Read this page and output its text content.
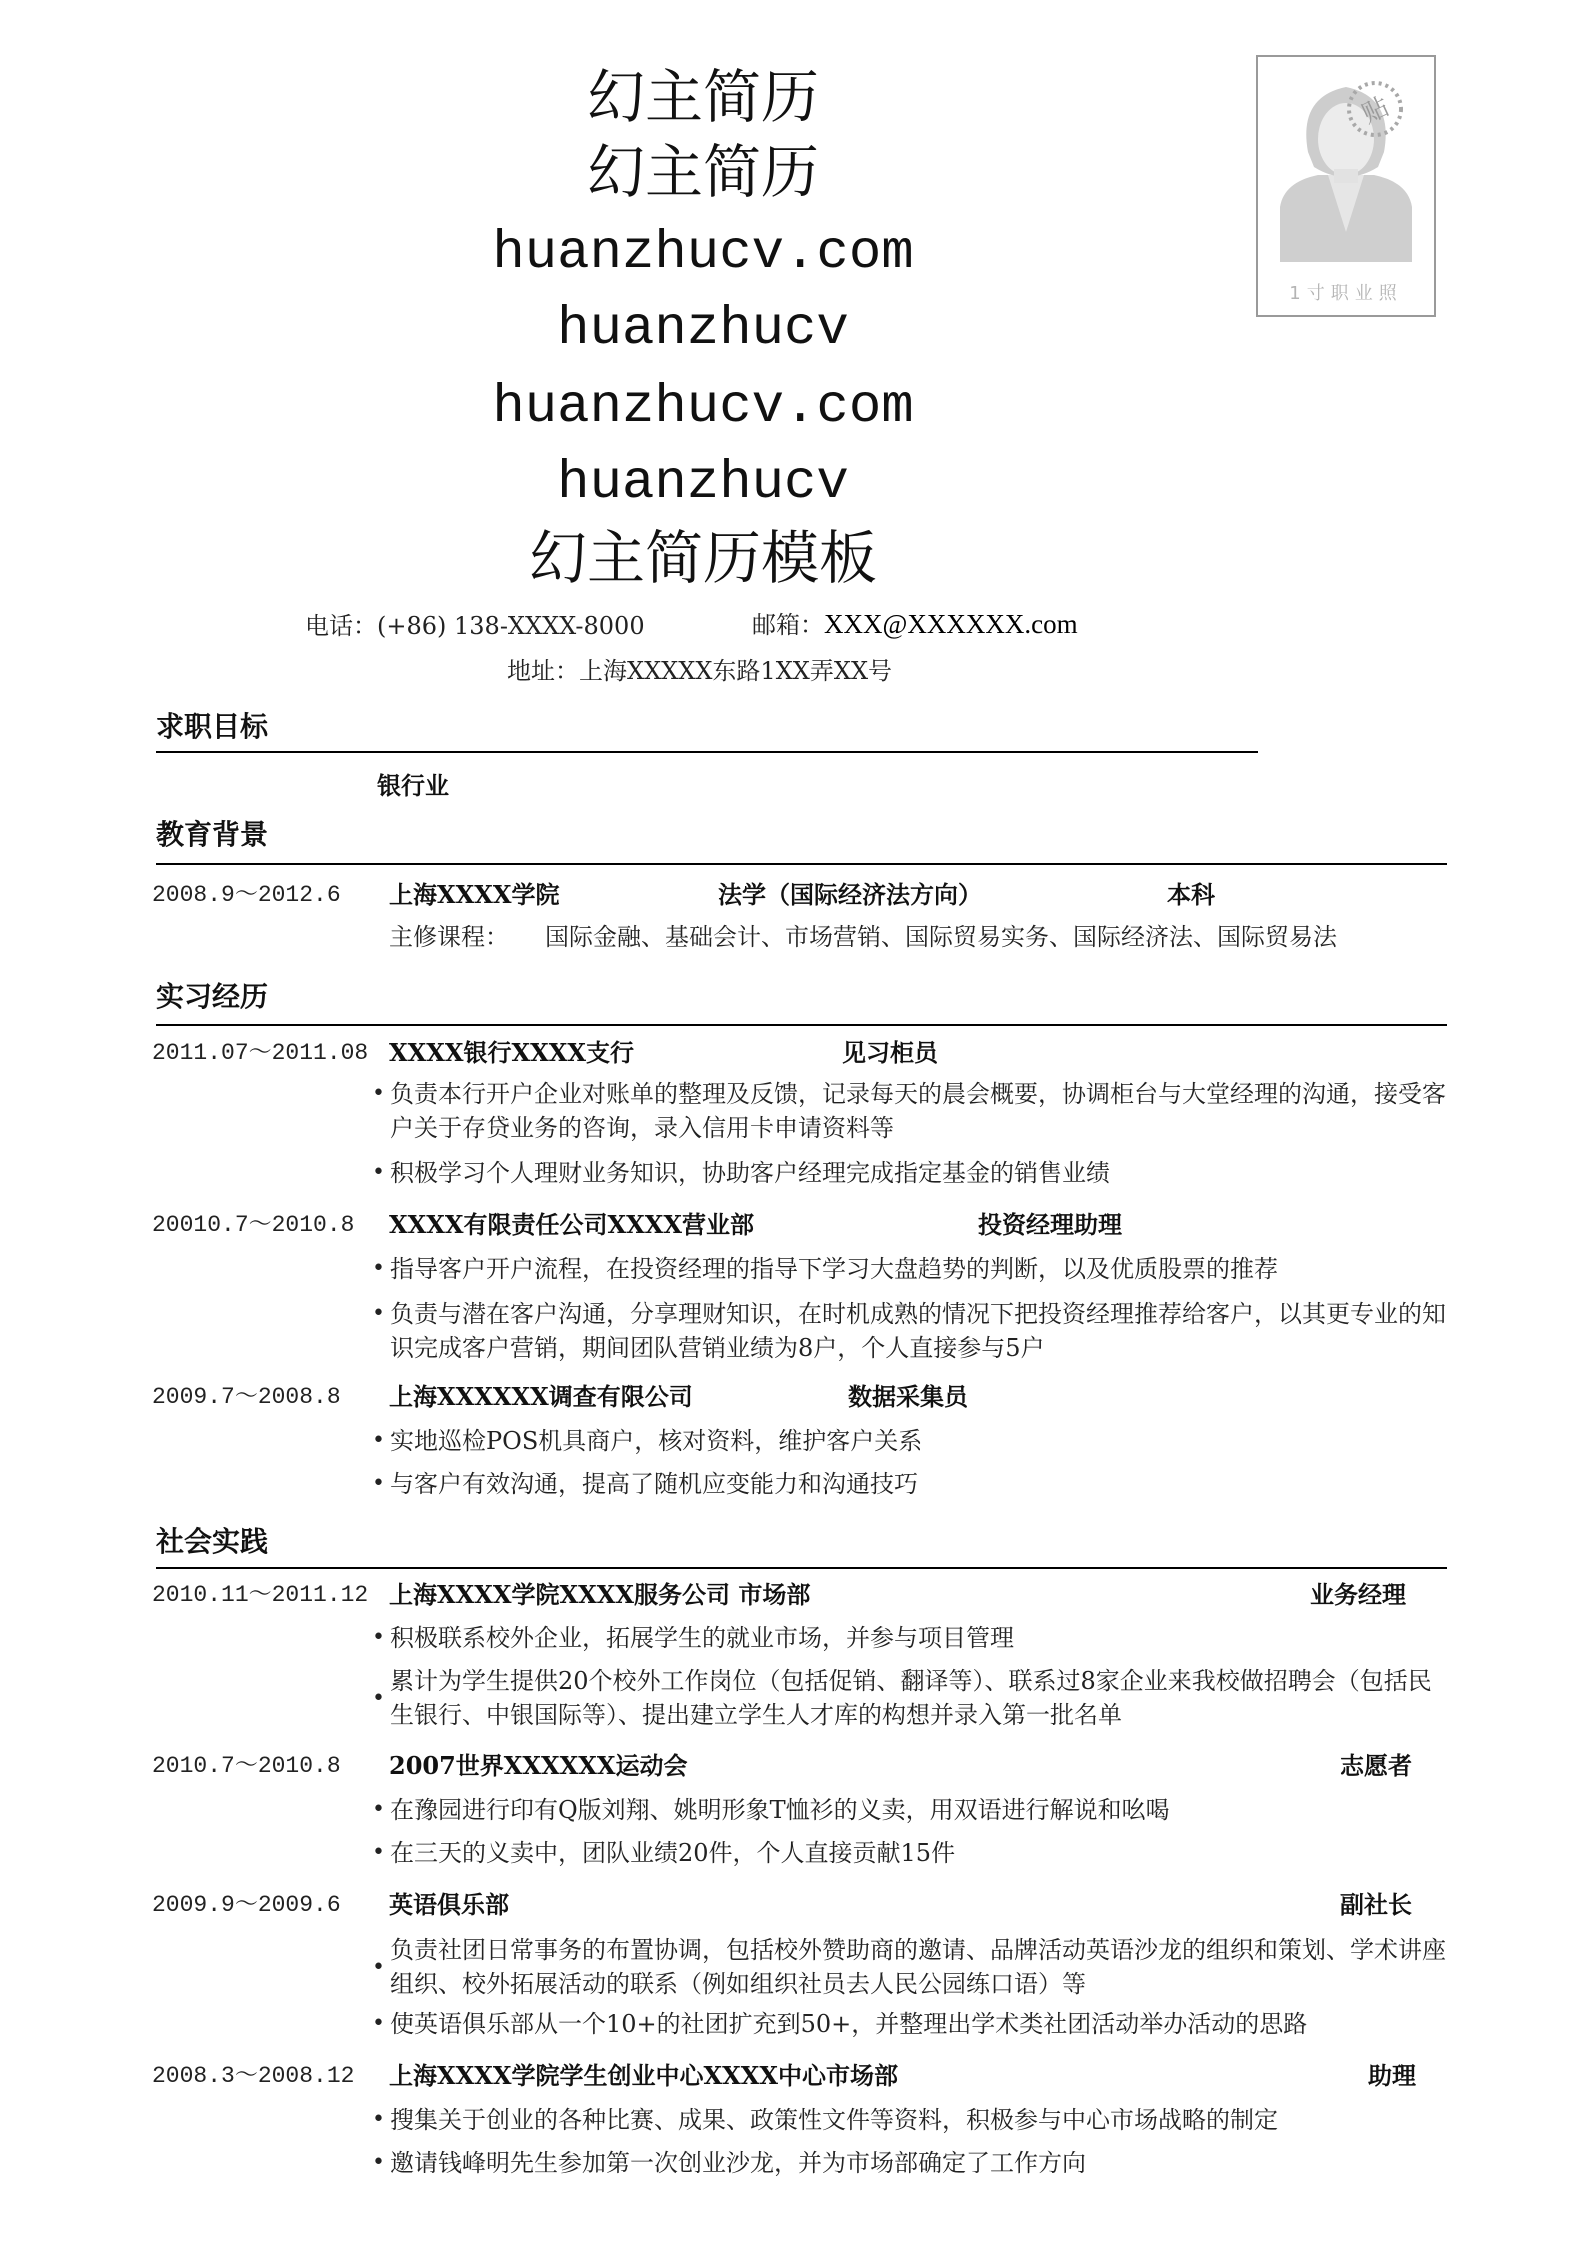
幻主简历
幻主简历
huanzhucv.com
huanzhucv
huanzhucv.com
huanzhucv
幻主简历模板
电话：(+86) 138-XXXX-8000	邮箱：XXX@XXXXXX.com
地址：上海XXXXX东路1XX弄XX号
贴
1寸职业照
求职目标
银行业
教育背景
2008.9～2012.6 上海XXXX学院	法学（国际经济法方向）	本科
主修课程： 国际金融、基础会计、市场营销、国际贸易实务、国际经济法、国际贸易法
实习经历
2011.07～2011.08 XXXX银行XXXX支行	见习柜员
• 负责本行开户企业对账单的整理及反馈，记录每天的晨会概要，协调柜台与大堂经理的沟通，接受客户关于存贷业务的咨询，录入信用卡申请资料等
• 积极学习个人理财业务知识，协助客户经理完成指定基金的销售业绩
20010.7～2010.8 XXXX有限责任公司XXXX营业部	投资经理助理
• 指导客户开户流程，在投资经理的指导下学习大盘趋势的判断，以及优质股票的推荐
• 负责与潜在客户沟通，分享理财知识，在时机成熟的情况下把投资经理推荐给客户，以其更专业的知识完成客户营销，期间团队营销业绩为8户，个人直接参与5户
2009.7～2008.8 上海XXXXXX调查有限公司	数据采集员
• 实地巡检POS机具商户，核对资料，维护客户关系
• 与客户有效沟通，提高了随机应变能力和沟通技巧
社会实践
2010.11～2011.12 上海XXXX学院XXXX服务公司 市场部	业务经理
• 积极联系校外企业，拓展学生的就业市场，并参与项目管理
•
累计为学生提供20个校外工作岗位（包括促销、翻译等）、联系过8家企业来我校做招聘会（包括民生银行、中银国际等）、提出建立学生人才库的构想并录入第一批名单
2010.7～2010.8 2007世界XXXXXX运动会	志愿者
• 在豫园进行印有Q版刘翔、姚明形象T恤衫的义卖，用双语进行解说和吆喝
• 在三天的义卖中，团队业绩20件，个人直接贡献15件
2009.9～2009.6 英语俱乐部	副社长
•
负责社团日常事务的布置协调，包括校外赞助商的邀请、品牌活动英语沙龙的组织和策划、学术讲座组织、校外拓展活动的联系（例如组织社员去人民公园练口语）等
• 使英语俱乐部从一个10+的社团扩充到50+，并整理出学术类社团活动举办活动的思路
2008.3～2008.12 上海XXXX学院学生创业中心XXXX中心市场部	助理
• 搜集关于创业的各种比赛、成果、政策性文件等资料，积极参与中心市场战略的制定
• 邀请钱峰明先生参加第一次创业沙龙，并为市场部确定了工作方向
